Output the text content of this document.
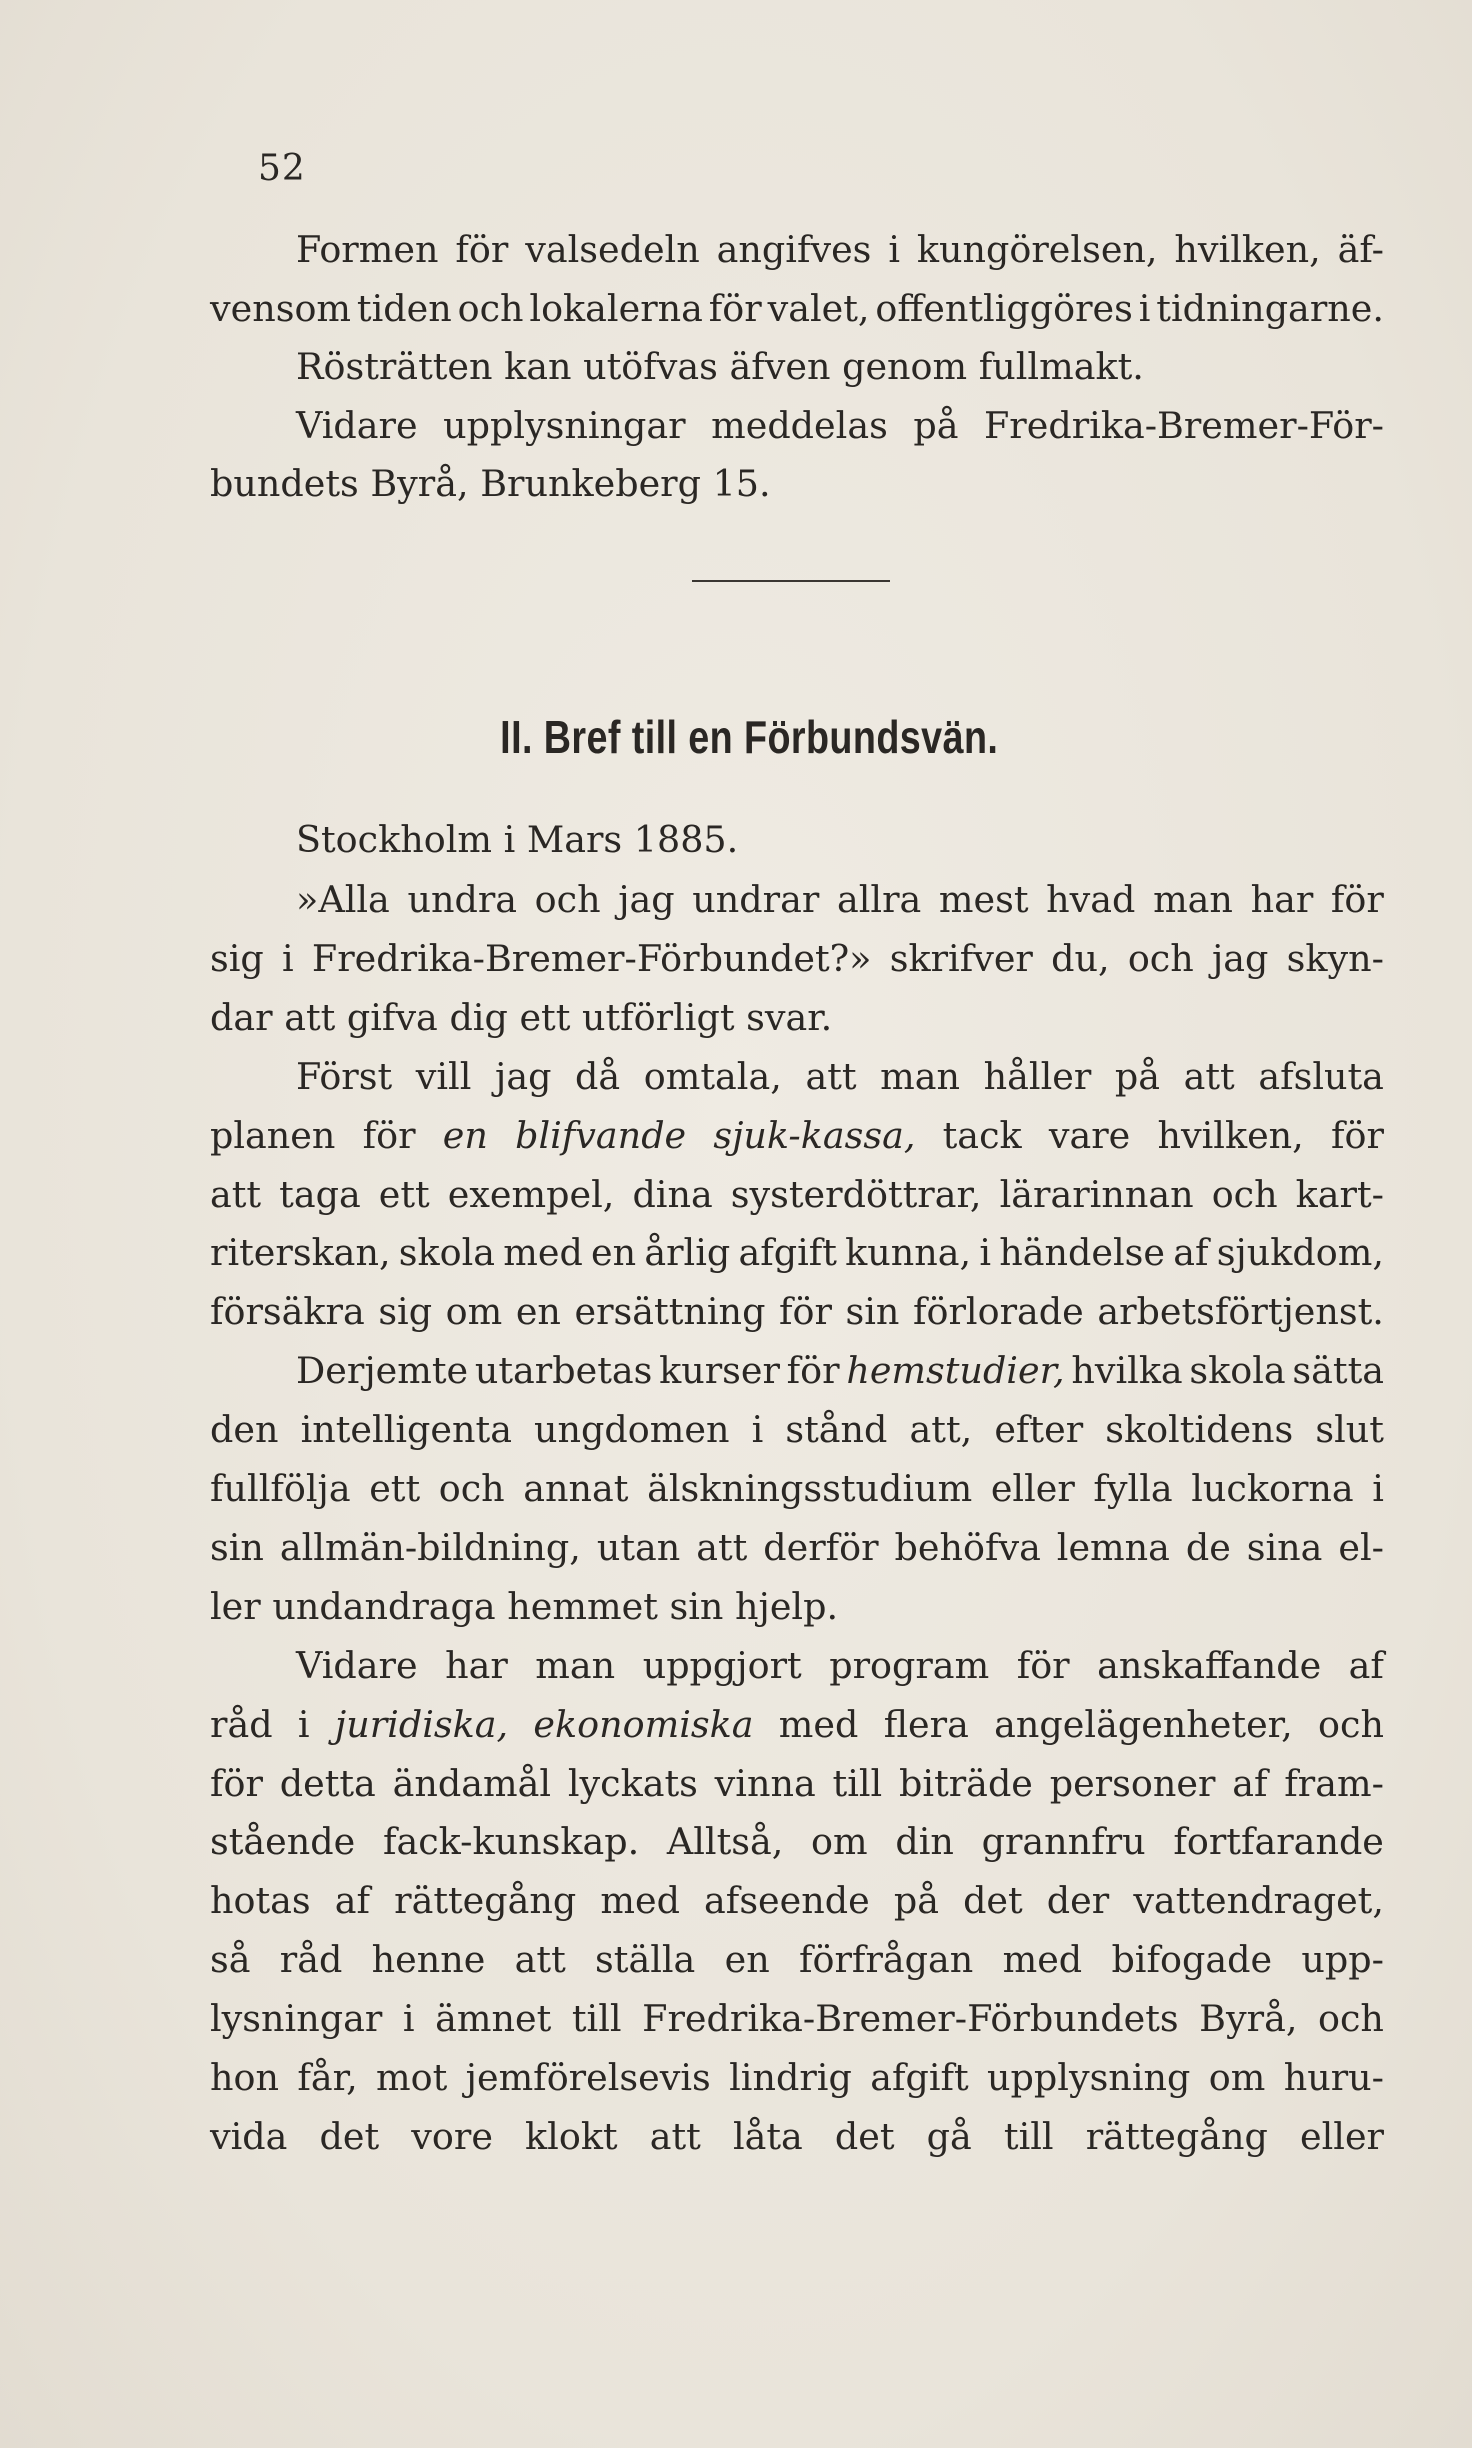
52
Formen för valsedeln angifves i kungörelsen, hvilken, äf-
vensom tiden och lokalerna för valet, offentliggöres i tidningarne.
Rösträtten kan utöfvas äfven genom fullmakt.
Vidare upplysningar meddelas på Fredrika-Bremer-För-
bundets Byrå, Brunkeberg 15.
II. Bref till en Förbundsvän.
Stockholm i Mars 1885.
»Alla undra och jag undrar allra mest hvad man har för
sig i Fredrika-Bremer-Förbundet?» skrifver du, och jag skyn-
dar att gifva dig ett utförligt svar.
Först vill jag då omtala, att man håller på att afsluta
planen för en blifvande sjuk-kassa, tack vare hvilken, för
att taga ett exempel, dina systerdöttrar, lärarinnan och kart-
riterskan, skola med en årlig afgift kunna, i händelse af sjukdom,
försäkra sig om en ersättning för sin förlorade arbetsförtjenst.
Derjemte utarbetas kurser för hemstudier, hvilka skola sätta
den intelligenta ungdomen i stånd att, efter skoltidens slut
fullfölja ett och annat älskningsstudium eller fylla luckorna i
sin allmän-bildning, utan att derför behöfva lemna de sina el-
ler undandraga hemmet sin hjelp.
Vidare har man uppgjort program för anskaffande af
råd i juridiska, ekonomiska med flera angelägenheter, och
för detta ändamål lyckats vinna till biträde personer af fram-
stående fack-kunskap. Alltså, om din grannfru fortfarande
hotas af rättegång med afseende på det der vattendraget,
så råd henne att ställa en förfrågan med bifogade upp-
lysningar i ämnet till Fredrika-Bremer-Förbundets Byrå, och
hon får, mot jemförelsevis lindrig afgift upplysning om huru-
vida det vore klokt att låta det gå till rättegång eller
